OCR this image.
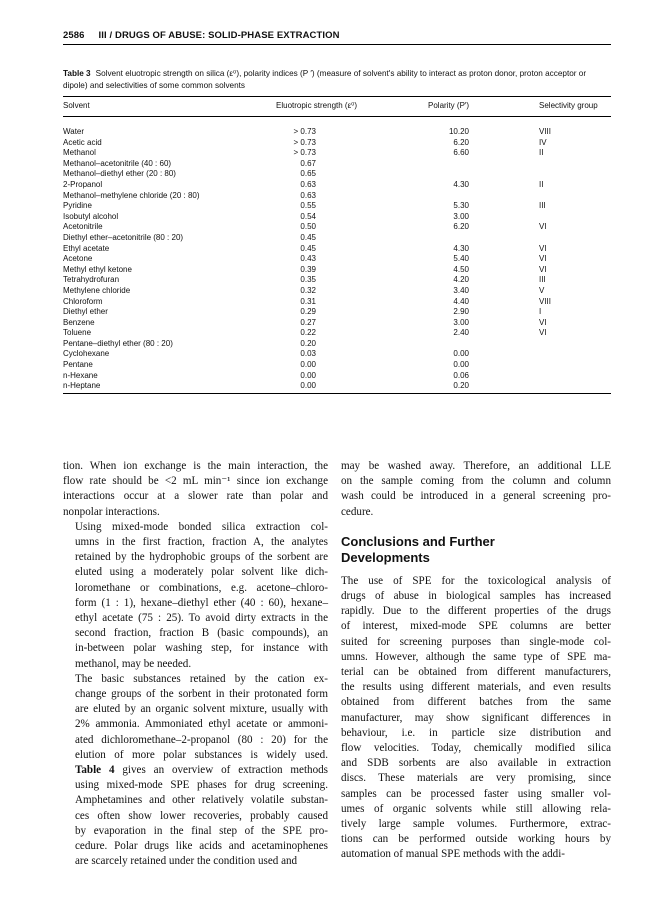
2586 III / DRUGS OF ABUSE: SOLID-PHASE EXTRACTION
Table 3 Solvent eluotropic strength on silica (ε⁰), polarity indices (P ′) (measure of solvent's ability to interact as proton donor, proton acceptor or dipole) and selectivities of some common solvents
Solvent	Eluotropic strength (ε⁰)	Polarity (P′)	Selectivity group
Water	> 0.73	10.20	VIII
Acetic acid	> 0.73	6.20	IV
Methanol	> 0.73	6.60	II
Methanol–acetonitrile (40 : 60)	0.67
Methanol–diethyl ether (20 : 80)	0.65
2-Propanol	0.63	4.30	II
Methanol–methylene chloride (20 : 80)	0.63
Pyridine	0.55	5.30	III
Isobutyl alcohol	0.54	3.00
Acetonitrile	0.50	6.20	VI
Diethyl ether–acetonitrile (80 : 20)	0.45
Ethyl acetate	0.45	4.30	VI
Acetone	0.43	5.40	VI
Methyl ethyl ketone	0.39	4.50	VI
Tetrahydrofuran	0.35	4.20	III
Methylene chloride	0.32	3.40	V
Chloroform	0.31	4.40	VIII
Diethyl ether	0.29	2.90	I
Benzene	0.27	3.00	VI
Toluene	0.22	2.40	VI
Pentane–diethyl ether (80 : 20)	0.20
Cyclohexane	0.03	0.00
Pentane	0.00	0.00
n-Hexane	0.00	0.06
n-Heptane	0.00	0.20

tion. When ion exchange is the main interaction, the
flow rate should be <2 mL min⁻¹ since ion exchange
interactions occur at a slower rate than polar and
nonpolar interactions.

Using mixed-mode bonded silica extraction col-
umns in the first fraction, fraction A, the analytes
retained by the hydrophobic groups of the sorbent are
eluted using a moderately polar solvent like dich-
loromethane or combinations, e.g. acetone–chloro-
form (1 : 1), hexane–diethyl ether (40 : 60), hexane–
ethyl acetate (75 : 25). To avoid dirty extracts in the
second fraction, fraction B (basic compounds), an
in-between polar washing step, for instance with
methanol, may be needed.

The basic substances retained by the cation ex-
change groups of the sorbent in their protonated form
are eluted by an organic solvent mixture, usually with
2% ammonia. Ammoniated ethyl acetate or ammoni-
ated dichloromethane–2-propanol (80 : 20) for the
elution of more polar substances is widely used.
Table 4 gives an overview of extraction methods
using mixed-mode SPE phases for drug screening.
Amphetamines and other relatively volatile substan-
ces often show lower recoveries, probably caused
by evaporation in the final step of the SPE pro-
cedure. Polar drugs like acids and acetaminophenes
are scarcely retained under the condition used and

may be washed away. Therefore, an additional LLE
on the sample coming from the column and column
wash could be introduced in a general screening pro-
cedure.

Conclusions and Further
Developments

The use of SPE for the toxicological analysis of
drugs of abuse in biological samples has increased
rapidly. Due to the different properties of the drugs
of interest, mixed-mode SPE columns are better
suited for screening purposes than single-mode col-
umns. However, although the same type of SPE ma-
terial can be obtained from different manufacturers,
the results using different materials, and even results
obtained from different batches from the same
manufacturer, may show significant differences in
behaviour, i.e. in particle size distribution and
flow velocities. Today, chemically modified silica
and SDB sorbents are also available in extraction
discs. These materials are very promising, since
samples can be processed faster using smaller vol-
umes of organic solvents while still allowing rela-
tively large sample volumes. Furthermore, extrac-
tions can be performed outside working hours by
automation of manual SPE methods with the addi-
